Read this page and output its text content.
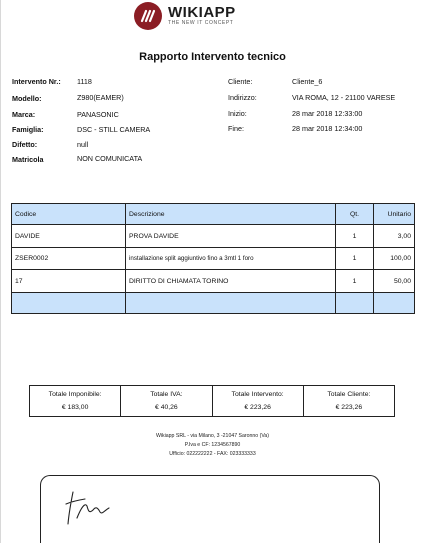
WIKIAPP
THE NEW IT CONCEPT
Rapporto Intervento tecnico
Intervento Nr.: 1118
Modello:	Z980(EAMER)
Marca:	PANASONIC
Famiglia:	DSC - STILL CAMERA
Difetto:	null
Matricola	NON COMUNICATA
Cliente:	Cliente_6
Indirizzo:	VIA ROMA, 12 - 21100 VARESE
Inizio:	28 mar 2018 12:33:00
Fine:	28 mar 2018 12:34:00
Codice	Descrizione	Qt.	Unitario
DAVIDE	PROVA DAVIDE	1	3,00
ZSER0002	installazione split aggiuntivo fino a 3mtl 1 foro	1	100,00
17	DIRITTO DI CHIAMATA TORINO	1	50,00
Totale Imponibile:
€ 183,00
Totale IVA:
€ 40,26
Totale Intervento:
€ 223,26
Totale Cliente:
€ 223,26
Wikiapp SRL - via Milano, 3 -21047 Saronno (Va)
P.Iva e CF: 1234567890
Ufficio: 022222222 - FAX: 023333333
